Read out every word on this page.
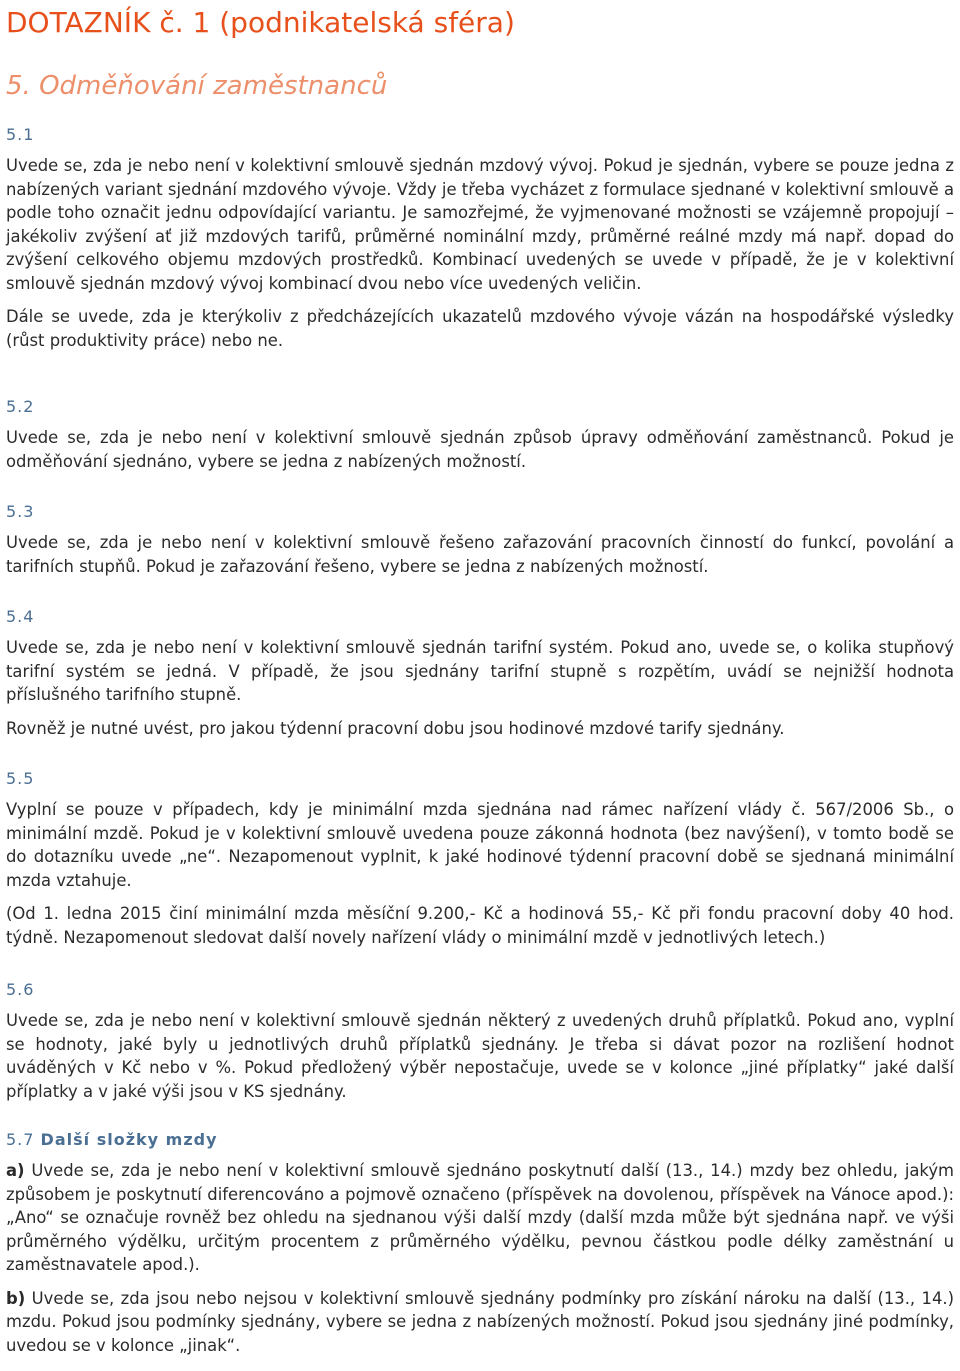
DOTAZNÍK č. 1 (podnikatelská sféra)
5. Odměňování zaměstnanců
5.1

Uvede se, zda je nebo není v kolektivní smlouvě sjednán mzdový vývoj. Pokud je sjednán, vybere se pouze jedna z nabízených variant sjednání mzdového vývoje. Vždy je třeba vycházet z formulace sjednané v kolektivní smlouvě a podle toho označit jednu odpovídající variantu. Je samozřejmé, že vyjmenované možnosti se vzájemně propojují – jakékoliv zvýšení ať již mzdových tarifů, průměrné nominální mzdy, průměrné reálné mzdy má např. dopad do zvýšení celkového objemu mzdových prostředků. Kombinací uvedených se uvede v případě, že je v kolektivní smlouvě sjednán mzdový vývoj kombinací dvou nebo více uvedených veličin.

Dále se uvede, zda je kterýkoliv z předcházejících ukazatelů mzdového vývoje vázán na hospodářské výsledky (růst produktivity práce) nebo ne.

5.2

Uvede se, zda je nebo není v kolektivní smlouvě sjednán způsob úpravy odměňování zaměstnanců. Pokud je odměňování sjednáno, vybere se jedna z nabízených možností.

5.3

Uvede se, zda je nebo není v kolektivní smlouvě řešeno zařazování pracovních činností do funkcí, povolání a tarifních stupňů. Pokud je zařazování řešeno, vybere se jedna z nabízených možností.

5.4

Uvede se, zda je nebo není v kolektivní smlouvě sjednán tarifní systém. Pokud ano, uvede se, o kolika stupňový tarifní systém se jedná. V případě, že jsou sjednány tarifní stupně s rozpětím, uvádí se nejnižší hodnota příslušného tarifního stupně.

Rovněž je nutné uvést, pro jakou týdenní pracovní dobu jsou hodinové mzdové tarify sjednány.

5.5

Vyplní se pouze v případech, kdy je minimální mzda sjednána nad rámec nařízení vlády č. 567/2006 Sb., o minimální mzdě. Pokud je v kolektivní smlouvě uvedena pouze zákonná hodnota (bez navýšení), v tomto bodě se do dotazníku uvede „ne“. Nezapomenout vyplnit, k jaké hodinové týdenní pracovní době se sjednaná minimální mzda vztahuje.

(Od 1. ledna 2015 činí minimální mzda měsíční 9.200,- Kč a hodinová 55,- Kč při fondu pracovní doby 40 hod. týdně. Nezapomenout sledovat další novely nařízení vlády o minimální mzdě v jednotlivých letech.)

5.6

Uvede se, zda je nebo není v kolektivní smlouvě sjednán některý z uvedených druhů příplatků. Pokud ano, vyplní se hodnoty, jaké byly u jednotlivých druhů příplatků sjednány. Je třeba si dávat pozor na rozlišení hodnot uváděných v Kč nebo v %. Pokud předložený výběr nepostačuje, uvede se v kolonce „jiné příplatky“ jaké další příplatky a v jaké výši jsou v KS sjednány.

5.7 Další složky mzdy

a) Uvede se, zda je nebo není v kolektivní smlouvě sjednáno poskytnutí další (13., 14.) mzdy bez ohledu, jakým způsobem je poskytnutí diferencováno a pojmově označeno (příspěvek na dovolenou, příspěvek na Vánoce apod.): „Ano“ se označuje rovněž bez ohledu na sjednanou výši další mzdy (další mzda může být sjednána např. ve výši průměrného výdělku, určitým procentem z průměrného výdělku, pevnou částkou podle délky zaměstnání u zaměstnavatele apod.).

b) Uvede se, zda jsou nebo nejsou v kolektivní smlouvě sjednány podmínky pro získání nároku na další (13., 14.) mzdu. Pokud jsou podmínky sjednány, vybere se jedna z nabízených možností. Pokud jsou sjednány jiné podmínky, uvedou se v kolonce „jinak“.
